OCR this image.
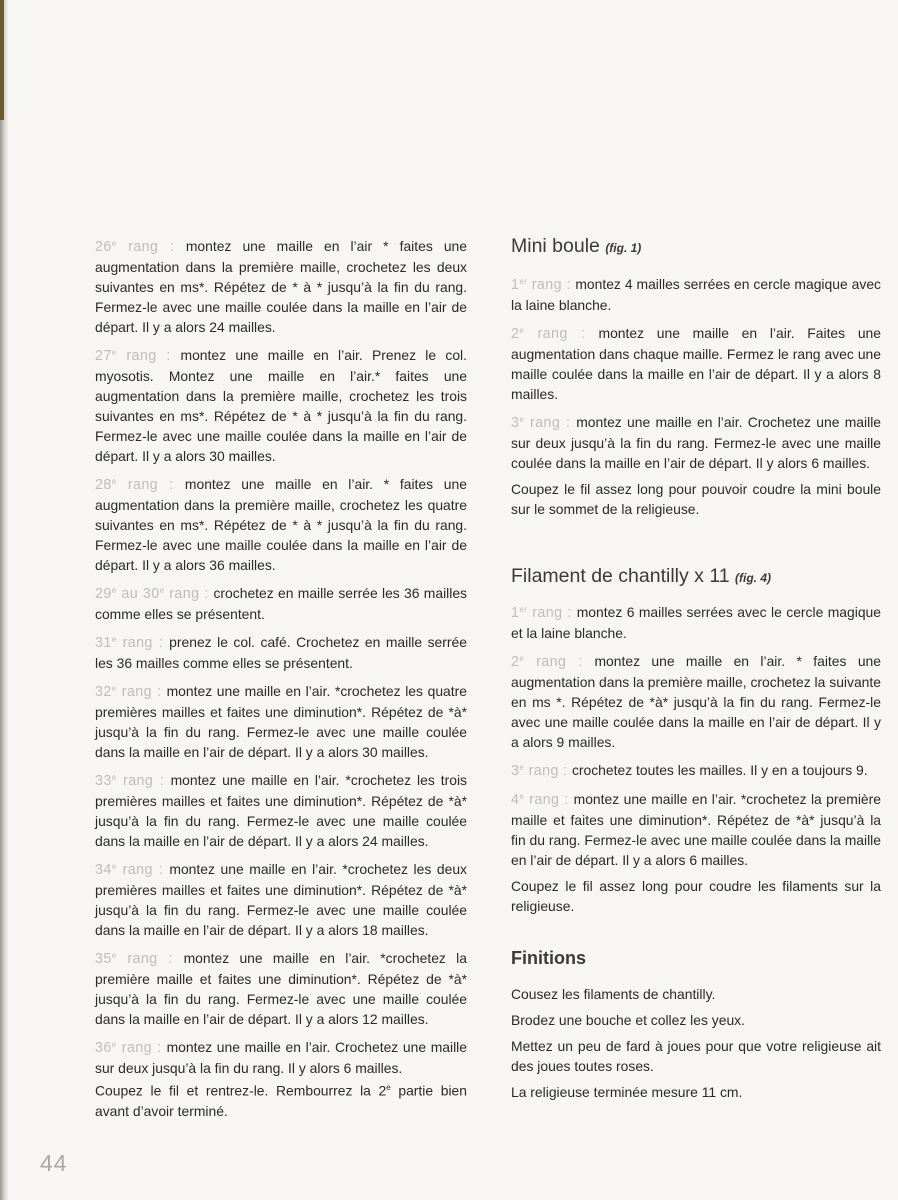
26e rang : montez une maille en l’air * faites une augmentation dans la première maille, crochetez les deux suivantes en ms*. Répétez de * à * jusqu’à la fin du rang. Fermez-le avec une maille coulée dans la maille en l’air de départ. Il y a alors 24 mailles.

27e rang : montez une maille en l’air. Prenez le col. myosotis. Montez une maille en l’air.* faites une augmentation dans la première maille, crochetez les trois suivantes en ms*. Répétez de * à * jusqu’à la fin du rang. Fermez-le avec une maille coulée dans la maille en l’air de départ. Il y a alors 30 mailles.

28e rang : montez une maille en l’air. * faites une augmentation dans la première maille, crochetez les quatre suivantes en ms*. Répétez de * à * jusqu’à la fin du rang. Fermez-le avec une maille coulée dans la maille en l’air de départ. Il y a alors 36 mailles.

29e au 30e rang : crochetez en maille serrée les 36 mailles comme elles se présentent.

31e rang : prenez le col. café. Crochetez en maille serrée les 36 mailles comme elles se présentent.

32e rang : montez une maille en l’air. *crochetez les quatre premières mailles et faites une diminution*. Répétez de *à* jusqu’à la fin du rang. Fermez-le avec une maille coulée dans la maille en l’air de départ. Il y a alors 30 mailles.

33e rang : montez une maille en l’air. *crochetez les trois premières mailles et faites une diminution*. Répétez de *à* jusqu’à la fin du rang. Fermez-le avec une maille coulée dans la maille en l’air de départ. Il y a alors 24 mailles.

34e rang : montez une maille en l’air. *crochetez les deux premières mailles et faites une diminution*. Répétez de *à* jusqu’à la fin du rang. Fermez-le avec une maille coulée dans la maille en l’air de départ. Il y a alors 18 mailles.

35e rang : montez une maille en l’air. *crochetez la première maille et faites une diminution*. Répétez de *à* jusqu’à la fin du rang. Fermez-le avec une maille coulée dans la maille en l’air de départ. Il y a alors 12 mailles.

36e rang : montez une maille en l’air. Crochetez une maille sur deux jusqu’à la fin du rang. Il y alors 6 mailles.

Coupez le fil et rentrez-le. Rembourrez la 2e partie bien avant d’avoir terminé.

Mini boule (fig. 1)

1er rang : montez 4 mailles serrées en cercle magique avec la laine blanche.

2e rang : montez une maille en l’air. Faites une augmentation dans chaque maille. Fermez le rang avec une maille coulée dans la maille en l’air de départ. Il y a alors 8 mailles.

3e rang : montez une maille en l’air. Crochetez une maille sur deux jusqu’à la fin du rang. Fermez-le avec une maille coulée dans la maille en l’air de départ. Il y alors 6 mailles.

Coupez le fil assez long pour pouvoir coudre la mini boule sur le sommet de la religieuse.

Filament de chantilly x 11 (fig. 4)

1er rang : montez 6 mailles serrées avec le cercle magique et la laine blanche.

2e rang : montez une maille en l’air. * faites une augmentation dans la première maille, crochetez la suivante en ms *. Répétez de *à* jusqu’à la fin du rang. Fermez-le avec une maille coulée dans la maille en l’air de départ. Il y a alors 9 mailles.

3e rang : crochetez toutes les mailles. Il y en a toujours 9.

4e rang : montez une maille en l’air. *crochetez la première maille et faites une diminution*. Répétez de *à* jusqu’à la fin du rang. Fermez-le avec une maille coulée dans la maille en l’air de départ. Il y a alors 6 mailles.

Coupez le fil assez long pour coudre les filaments sur la religieuse.

Finitions

Cousez les filaments de chantilly.

Brodez une bouche et collez les yeux.

Mettez un peu de fard à joues pour que votre religieuse ait des joues toutes roses.

La religieuse terminée mesure 11 cm.

44
